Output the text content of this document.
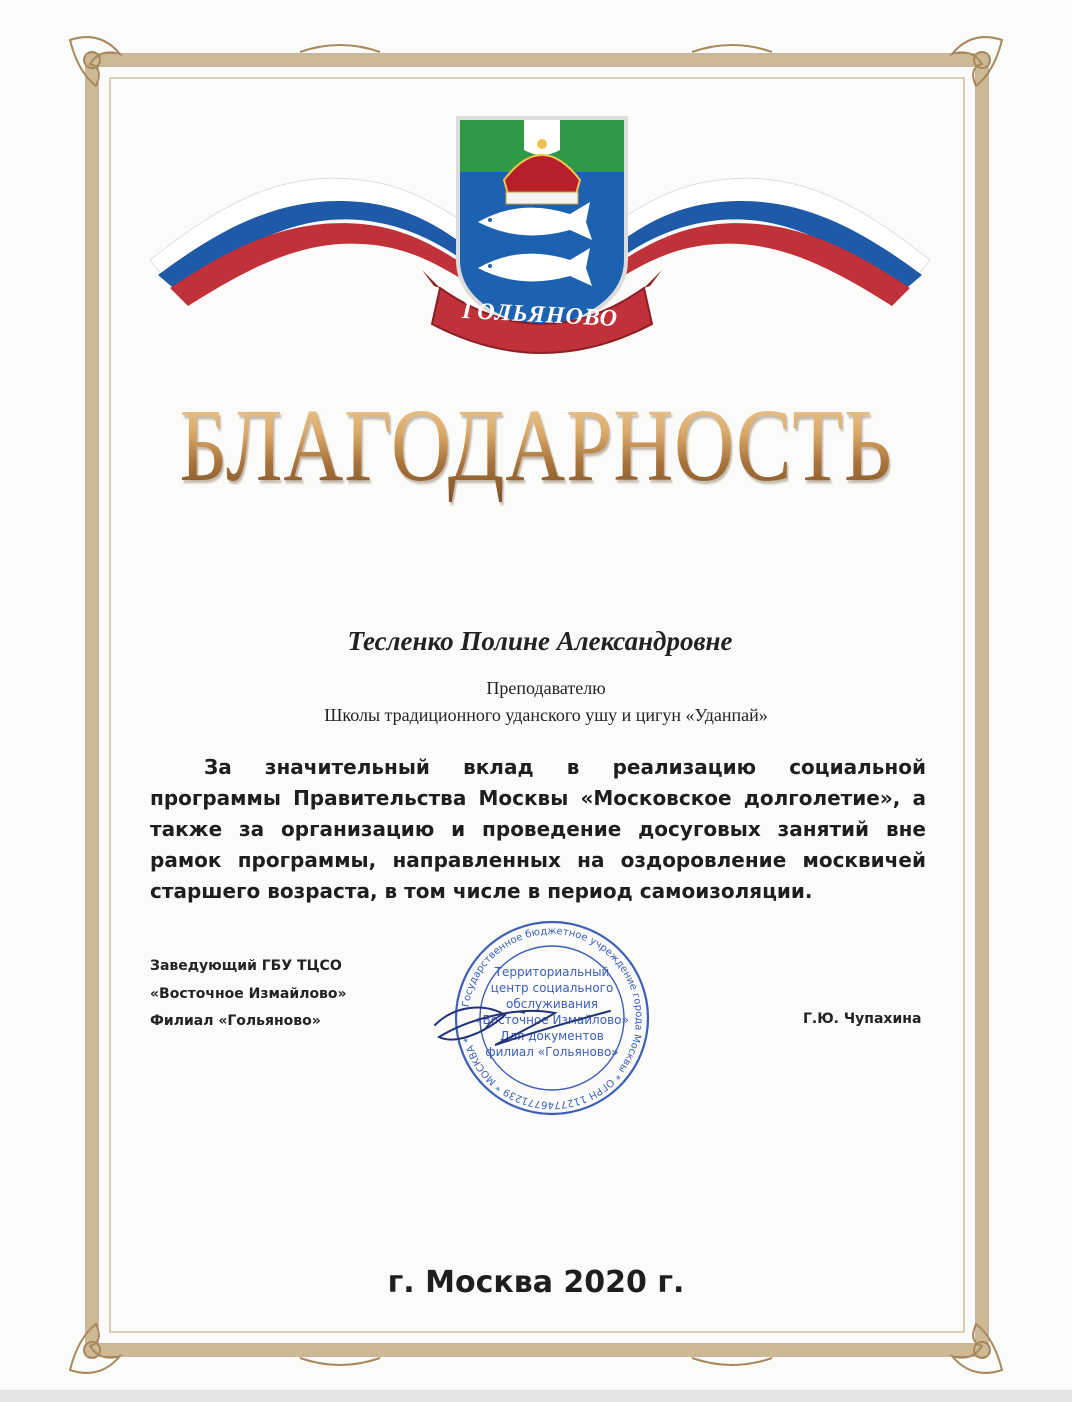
ГОЛЬЯНОВО
БЛАГОДАРНОСТЬ
Тесленко Полине Александровне
Преподавателю
Школы традиционного уданского ушу и цигун «Уданпай»
За значительный вклад в реализацию социальной программы Правительства Москвы «Московское долголетие», а также за организацию и проведение досуговых занятий вне рамок программы, направленных на оздоровление москвичей старшего возраста, в том числе в период самоизоляции.
Заведующий ГБУ ТЦСО
«Восточное Измайлово»
Филиал «Гольяново»	Г.Ю. Чупахина
Государственное бюджетное учреждение города Москвы * ОГРН 1127746771239 * МОСКВА *
Территориальный
центр социального
обслуживания
«Восточное Измайлово»
Для документов
филиал «Гольяново»
г. Москва 2020 г.
